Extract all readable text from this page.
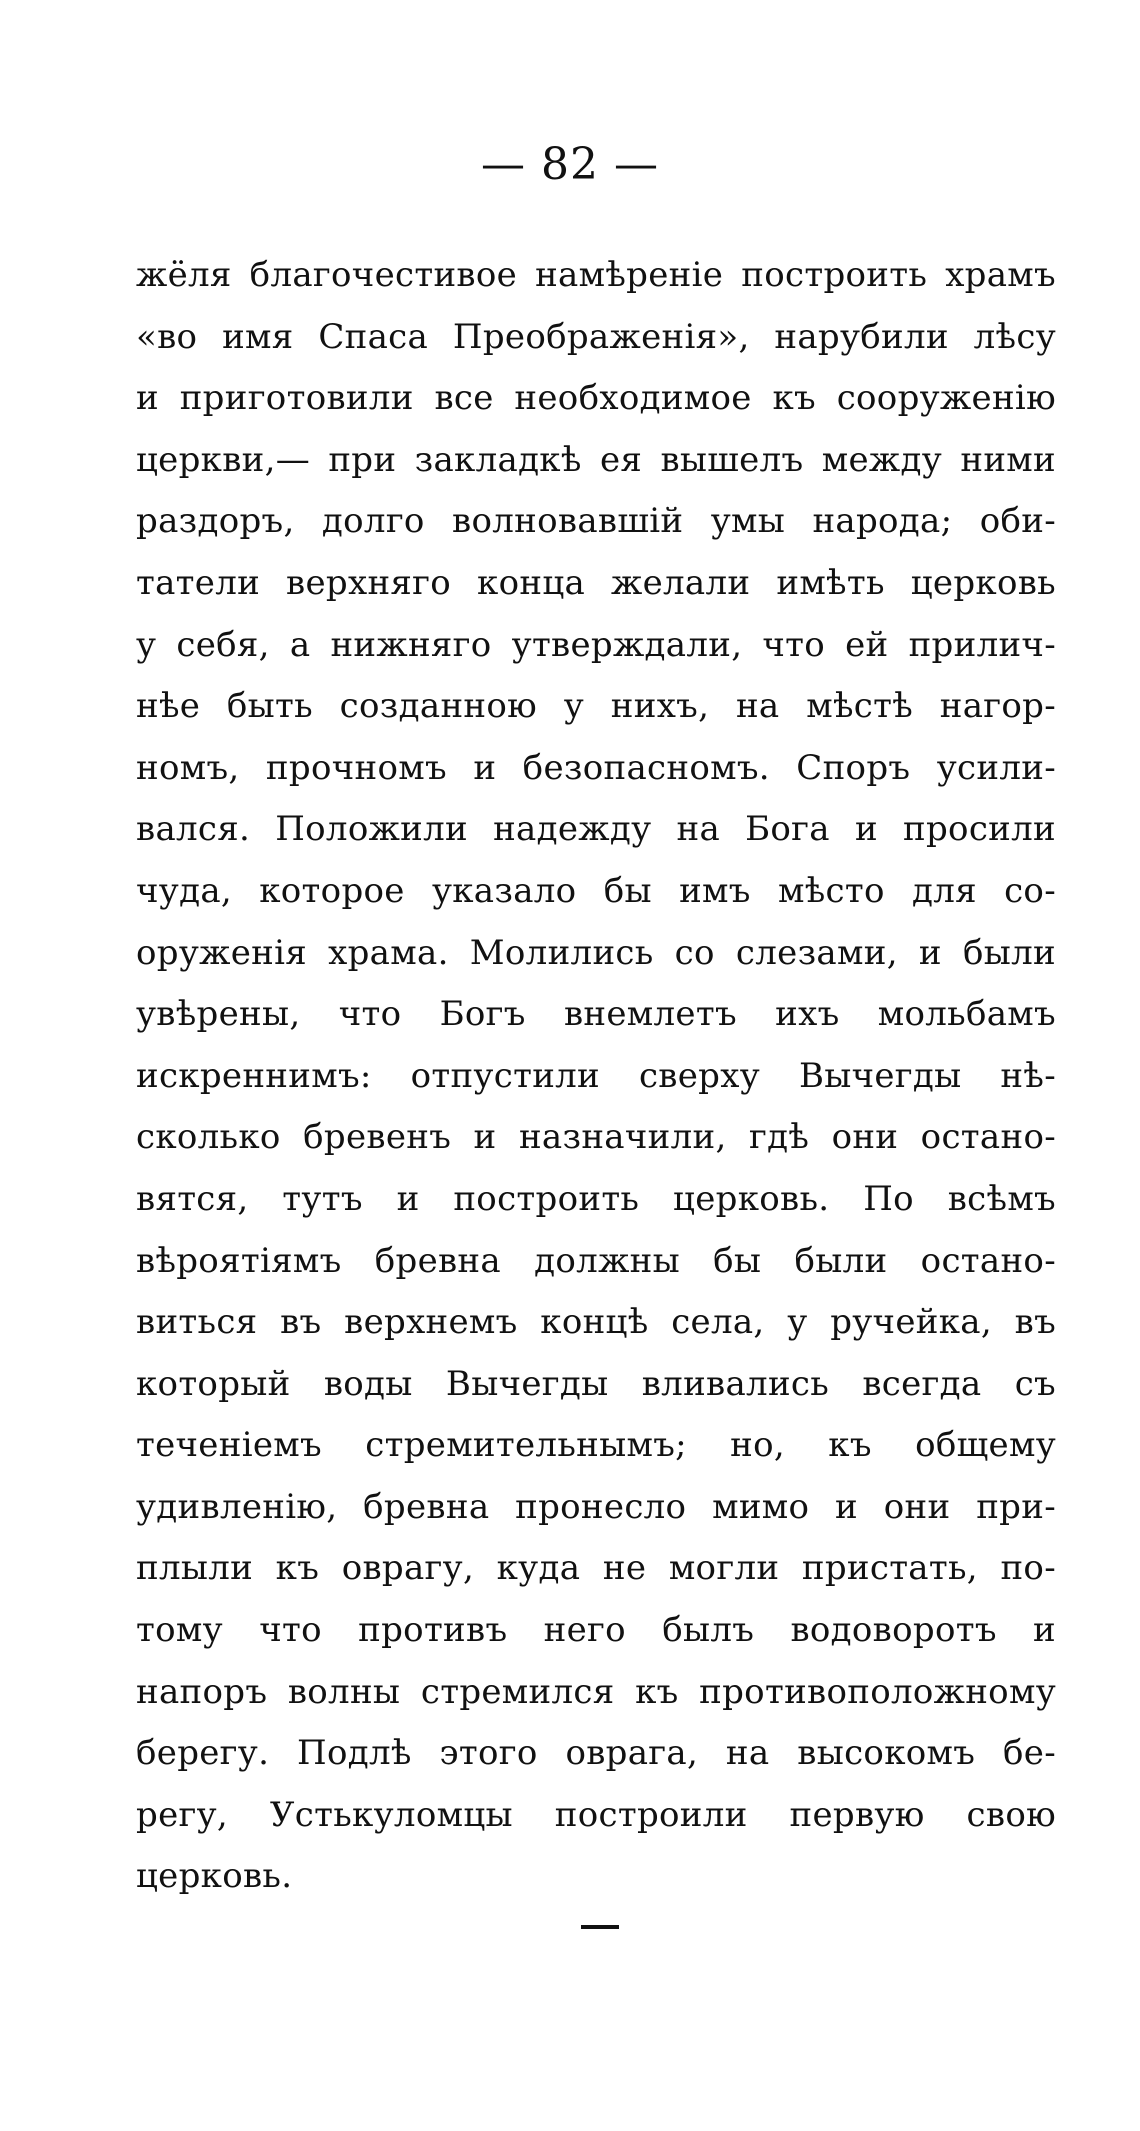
— 82 —
жёля благочестивое намѣреніе построить храмъ
«во имя Спаса Преображенія», нарубили лѣсу
и приготовили все необходимое къ сооруженію
церкви,— при закладкѣ ея вышелъ между ними
раздоръ, долго волновавшій умы народа; оби-
татели верхняго конца желали имѣть церковь
у себя, а нижняго утверждали, что ей прилич-
нѣе быть созданною у нихъ, на мѣстѣ нагор-
номъ, прочномъ и безопасномъ. Споръ усили-
вался. Положили надежду на Бога и просили
чуда, которое указало бы имъ мѣсто для со-
оруженія храма. Молились со слезами, и были
увѣрены, что Богъ внемлетъ ихъ мольбамъ
искреннимъ: отпустили сверху Вычегды нѣ-
сколько бревенъ и назначили, гдѣ они остано-
вятся, тутъ и построить церковь. По всѣмъ
вѣроятіямъ бревна должны бы были остано-
виться въ верхнемъ концѣ села, у ручейка, въ
который воды Вычегды вливались всегда съ
теченіемъ стремительнымъ; но, къ общему
удивленію, бревна пронесло мимо и они при-
плыли къ оврагу, куда не могли пристать, по-
тому что противъ него былъ водоворотъ и
напоръ волны стремился къ противоположному
берегу. Подлѣ этого оврага, на высокомъ бе-
регу, Устькуломцы построили первую свою
церковь.
